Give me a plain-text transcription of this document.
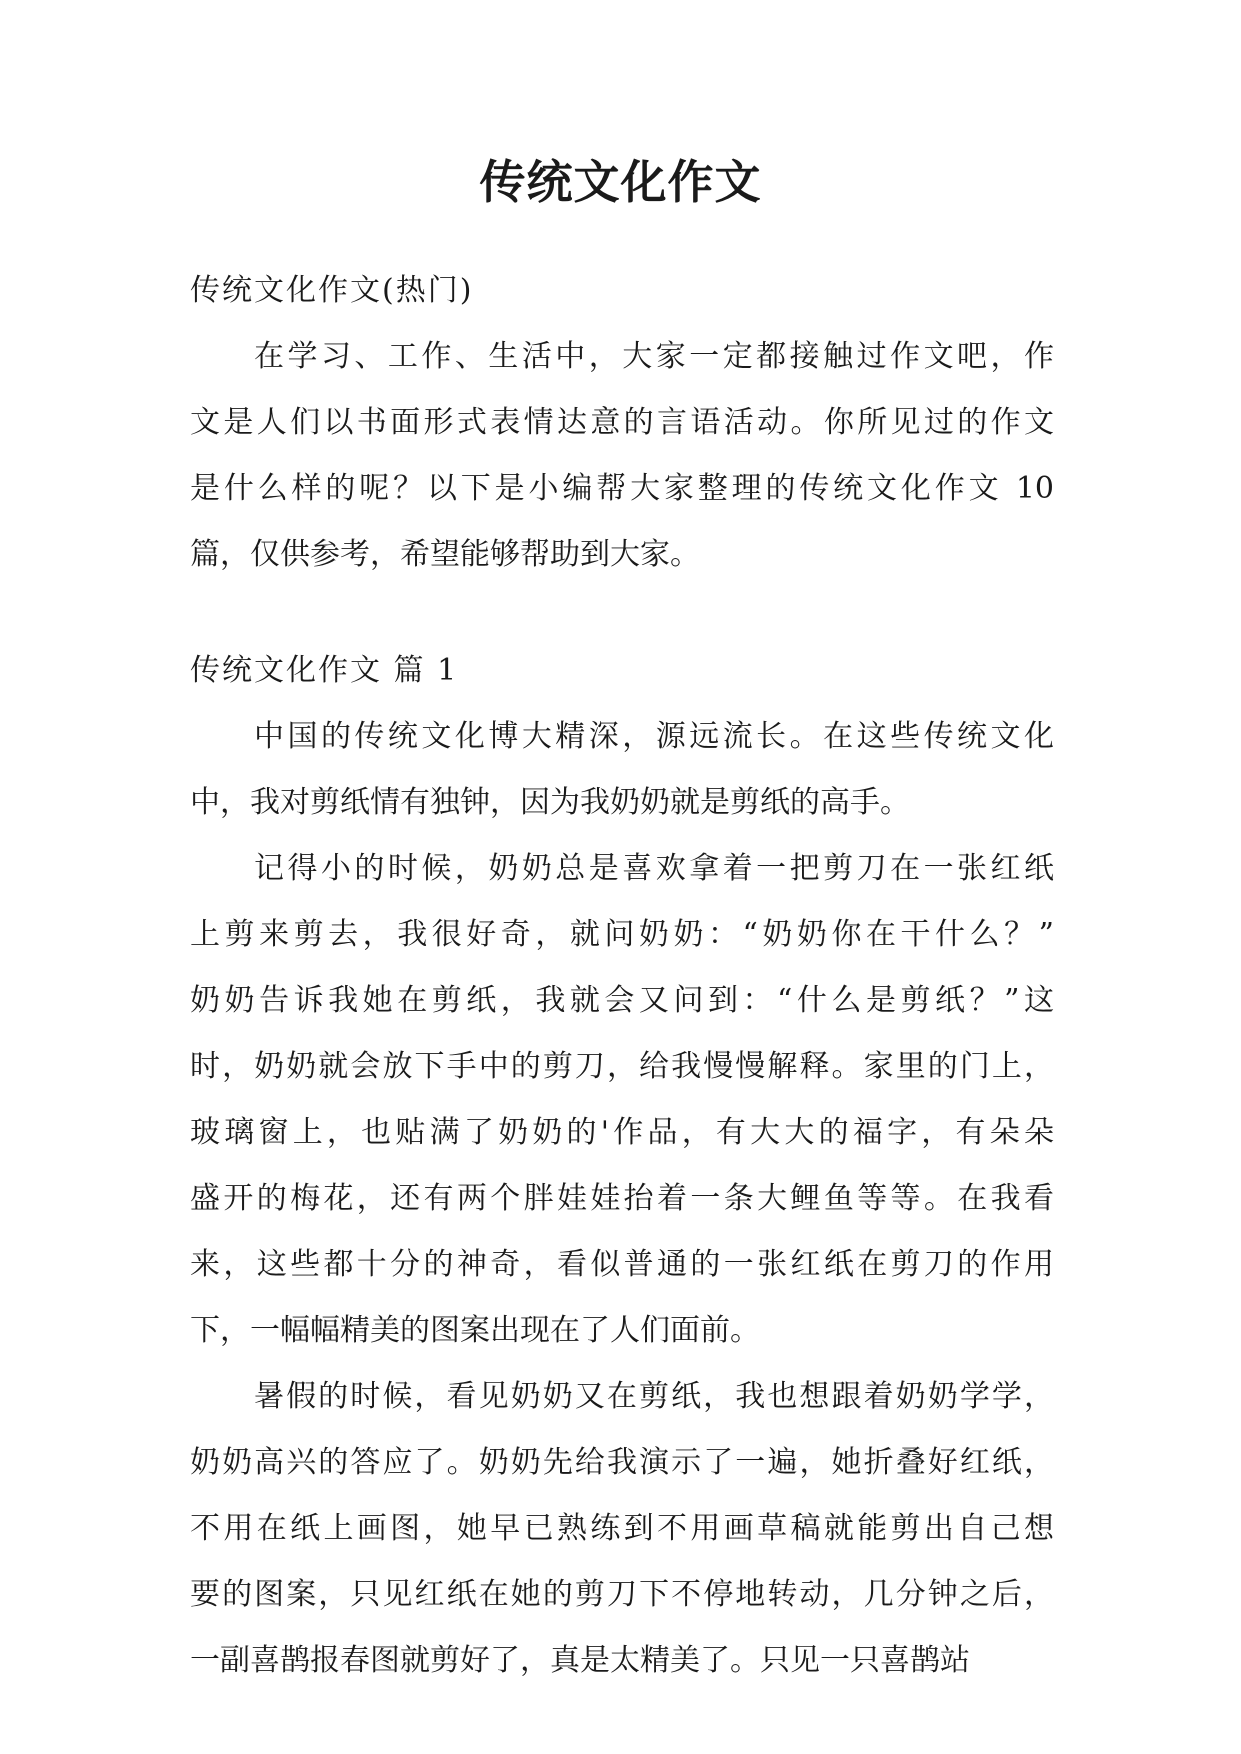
传统文化作文
传统文化作文(热门)
在学习、工作、生活中，大家一定都接触过作文吧，作
文是人们以书面形式表情达意的言语活动。你所见过的作文
是什么样的呢？以下是小编帮大家整理的传统文化作文 10
篇，仅供参考，希望能够帮助到大家。
传统文化作文 篇 1
中国的传统文化博大精深，源远流长。在这些传统文化
中，我对剪纸情有独钟，因为我奶奶就是剪纸的高手。
记得小的时候，奶奶总是喜欢拿着一把剪刀在一张红纸
上剪来剪去，我很好奇，就问奶奶：“奶奶你在干什么？”
奶奶告诉我她在剪纸，我就会又问到：“什么是剪纸？”这
时，奶奶就会放下手中的剪刀，给我慢慢解释。家里的门上，
玻璃窗上，也贴满了奶奶的'作品，有大大的福字，有朵朵
盛开的梅花，还有两个胖娃娃抬着一条大鲤鱼等等。在我看
来，这些都十分的神奇，看似普通的一张红纸在剪刀的作用
下，一幅幅精美的图案出现在了人们面前。
暑假的时候，看见奶奶又在剪纸，我也想跟着奶奶学学，
奶奶高兴的答应了。奶奶先给我演示了一遍，她折叠好红纸，
不用在纸上画图，她早已熟练到不用画草稿就能剪出自己想
要的图案，只见红纸在她的剪刀下不停地转动，几分钟之后，
一副喜鹊报春图就剪好了，真是太精美了。只见一只喜鹊站
